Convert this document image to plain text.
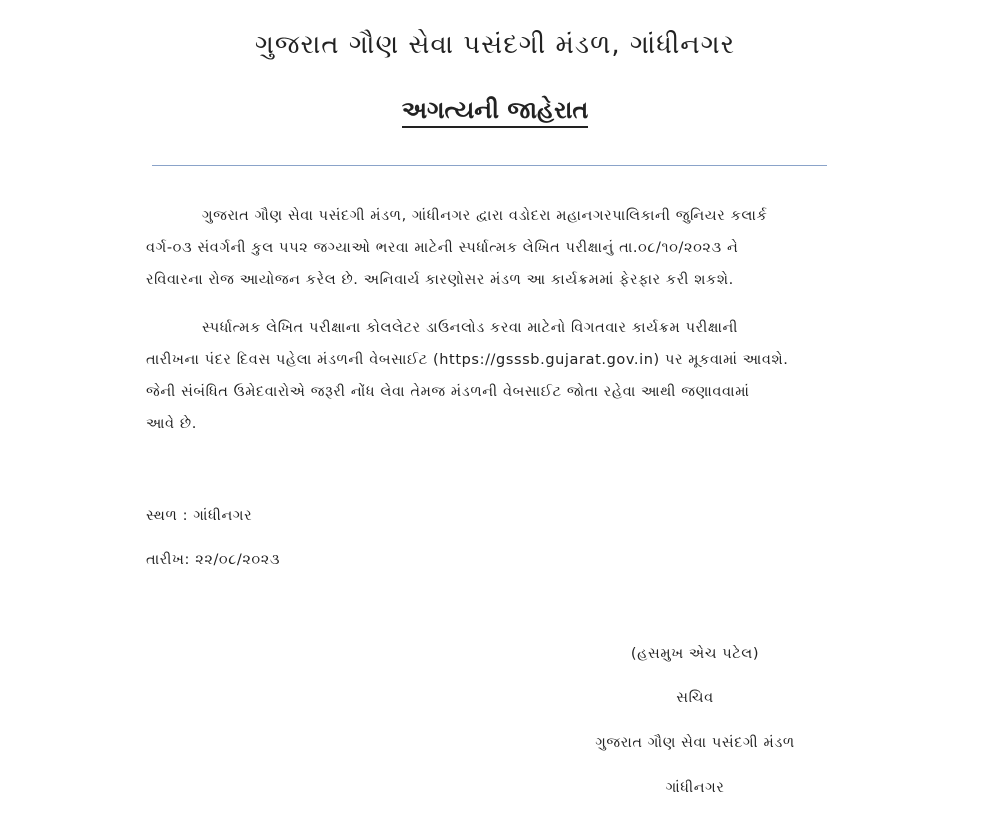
ગુજરાત ગૌણ સેવા પસંદગી મંડળ, ગાંધીનગર
અગત્યની જાહેરાત
ગુજરાત ગૌણ સેવા પસંદગી મંડળ, ગાંધીનગર દ્વારા વડોદરા મહાનગરપાલિકાની જુનિયર કલાર્ક
વર્ગ-૦૩ સંવર્ગની કુલ ૫૫૨ જગ્યાઓ ભરવા માટેની સ્પર્ધાત્મક લેખિત પરીક્ષાનું તા.૦૮/૧૦/૨૦૨૩ ને
રવિવારના રોજ આયોજન કરેલ છે. અનિવાર્ય કારણોસર મંડળ આ કાર્યક્રમમાં ફેરફાર કરી શકશે.
સ્પર્ધાત્મક લેખિત પરીક્ષાના કોલલેટર ડાઉનલોડ કરવા માટેનો વિગતવાર કાર્યક્રમ પરીક્ષાની
તારીખના પંદર દિવસ પહેલા મંડળની વેબસાઈટ (https://gsssb.gujarat.gov.in) પર મૂકવામાં આવશે.
જેની સંબંધિત ઉમેદવારોએ જરૂરી નોંધ લેવા તેમજ મંડળની વેબસાઈટ જોતા રહેવા આથી જણાવવામાં
આવે છે.
સ્થળ : ગાંધીનગર
તારીખ: ૨૨/૦૮/૨૦૨૩
(હસમુખ એચ પટેલ)
સચિવ
ગુજરાત ગૌણ સેવા પસંદગી મંડળ
ગાંધીનગર
